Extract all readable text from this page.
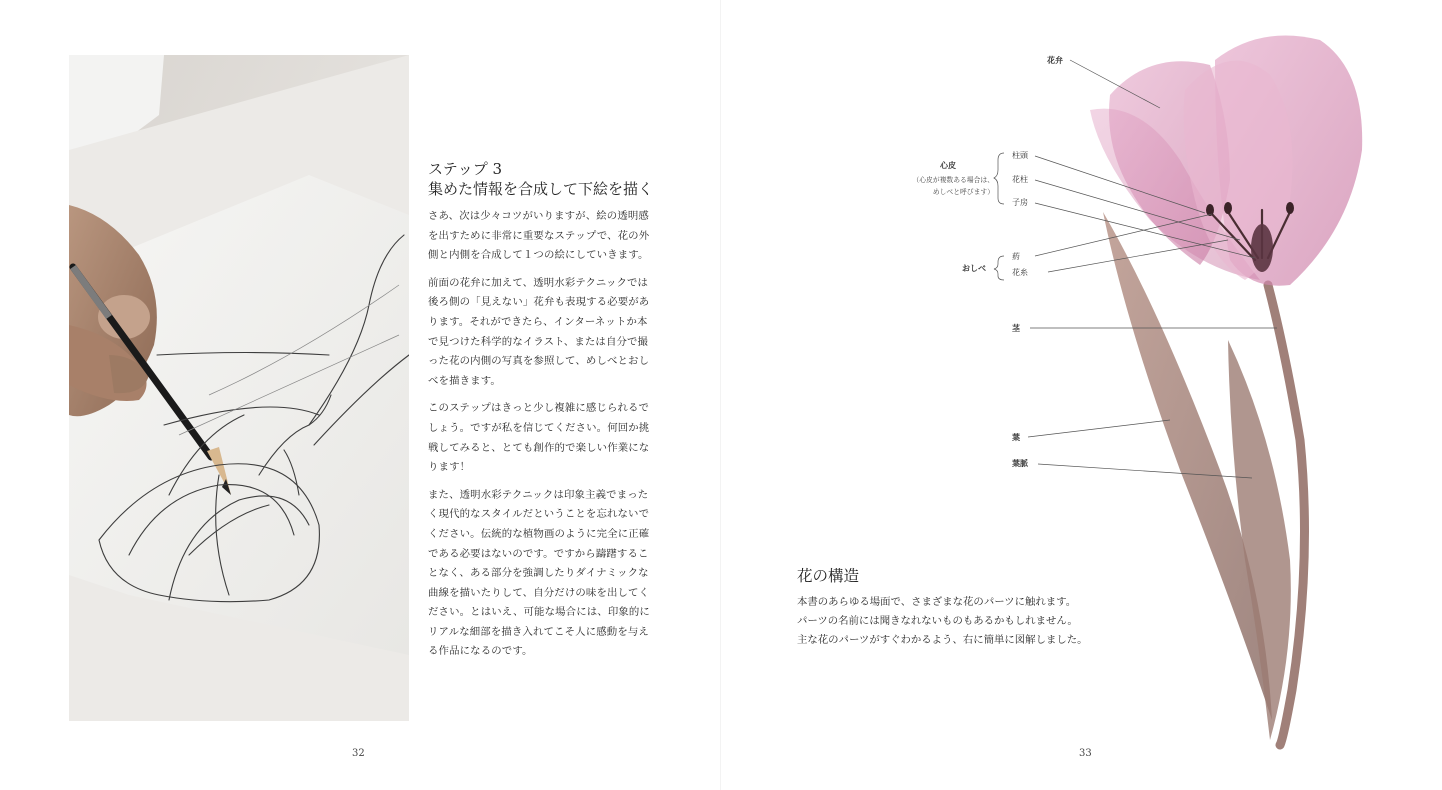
ステップ 3
集めた情報を合成して下絵を描く

さあ、次は少々コツがいりますが、絵の透明感を出すために非常に重要なステップで、花の外側と内側を合成して１つの絵にしていきます。

前面の花弁に加えて、透明水彩テクニックでは後ろ側の「見えない」花弁も表現する必要があります。それができたら、インターネットか本で見つけた科学的なイラスト、または自分で撮った花の内側の写真を参照して、めしべとおしべを描きます。

このステップはきっと少し複雑に感じられるでしょう。ですが私を信じてください。何回か挑戦してみると、とても創作的で楽しい作業になります！

また、透明水彩テクニックは印象主義でまったく現代的なスタイルだということを忘れないでください。伝統的な植物画のように完全に正確である必要はないのです。ですから躊躇することなく、ある部分を強調したりダイナミックな曲線を描いたりして、自分だけの味を出してください。とはいえ、可能な場合には、印象的にリアルな細部を描き入れてこそ人に感動を与える作品になるのです。

32
花弁
心皮
（心皮が複数ある場合は、
めしべと呼びます）
柱頭
花柱
子房
おしべ
葯
花糸
茎
葉
葉脈
花の構造
本書のあらゆる場面で、さまざまな花のパーツに触れます。
パーツの名前には聞きなれないものもあるかもしれません。
主な花のパーツがすぐわかるよう、右に簡単に図解しました。
33
